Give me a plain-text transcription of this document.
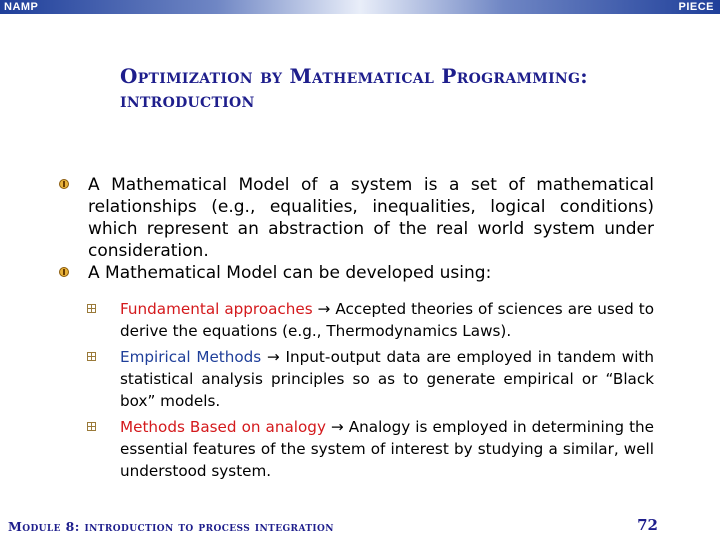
NAMP	PIECE
Optimization by Mathematical Programming:
introduction
A Mathematical Model of a system is a set of mathematical relationships (e.g., equalities, inequalities, logical conditions) which represent an abstraction of the real world system under consideration.
A Mathematical Model can be developed using:
Fundamental approaches → Accepted theories of sciences are used to derive the equations (e.g., Thermodynamics Laws).
Empirical Methods → Input-output data are employed in tandem with statistical analysis principles so as to generate empirical or “Black box” models.
Methods Based on analogy → Analogy is employed in determining the essential features of the system of interest by studying a similar, well understood system.
Module 8: introduction to process integration	72
